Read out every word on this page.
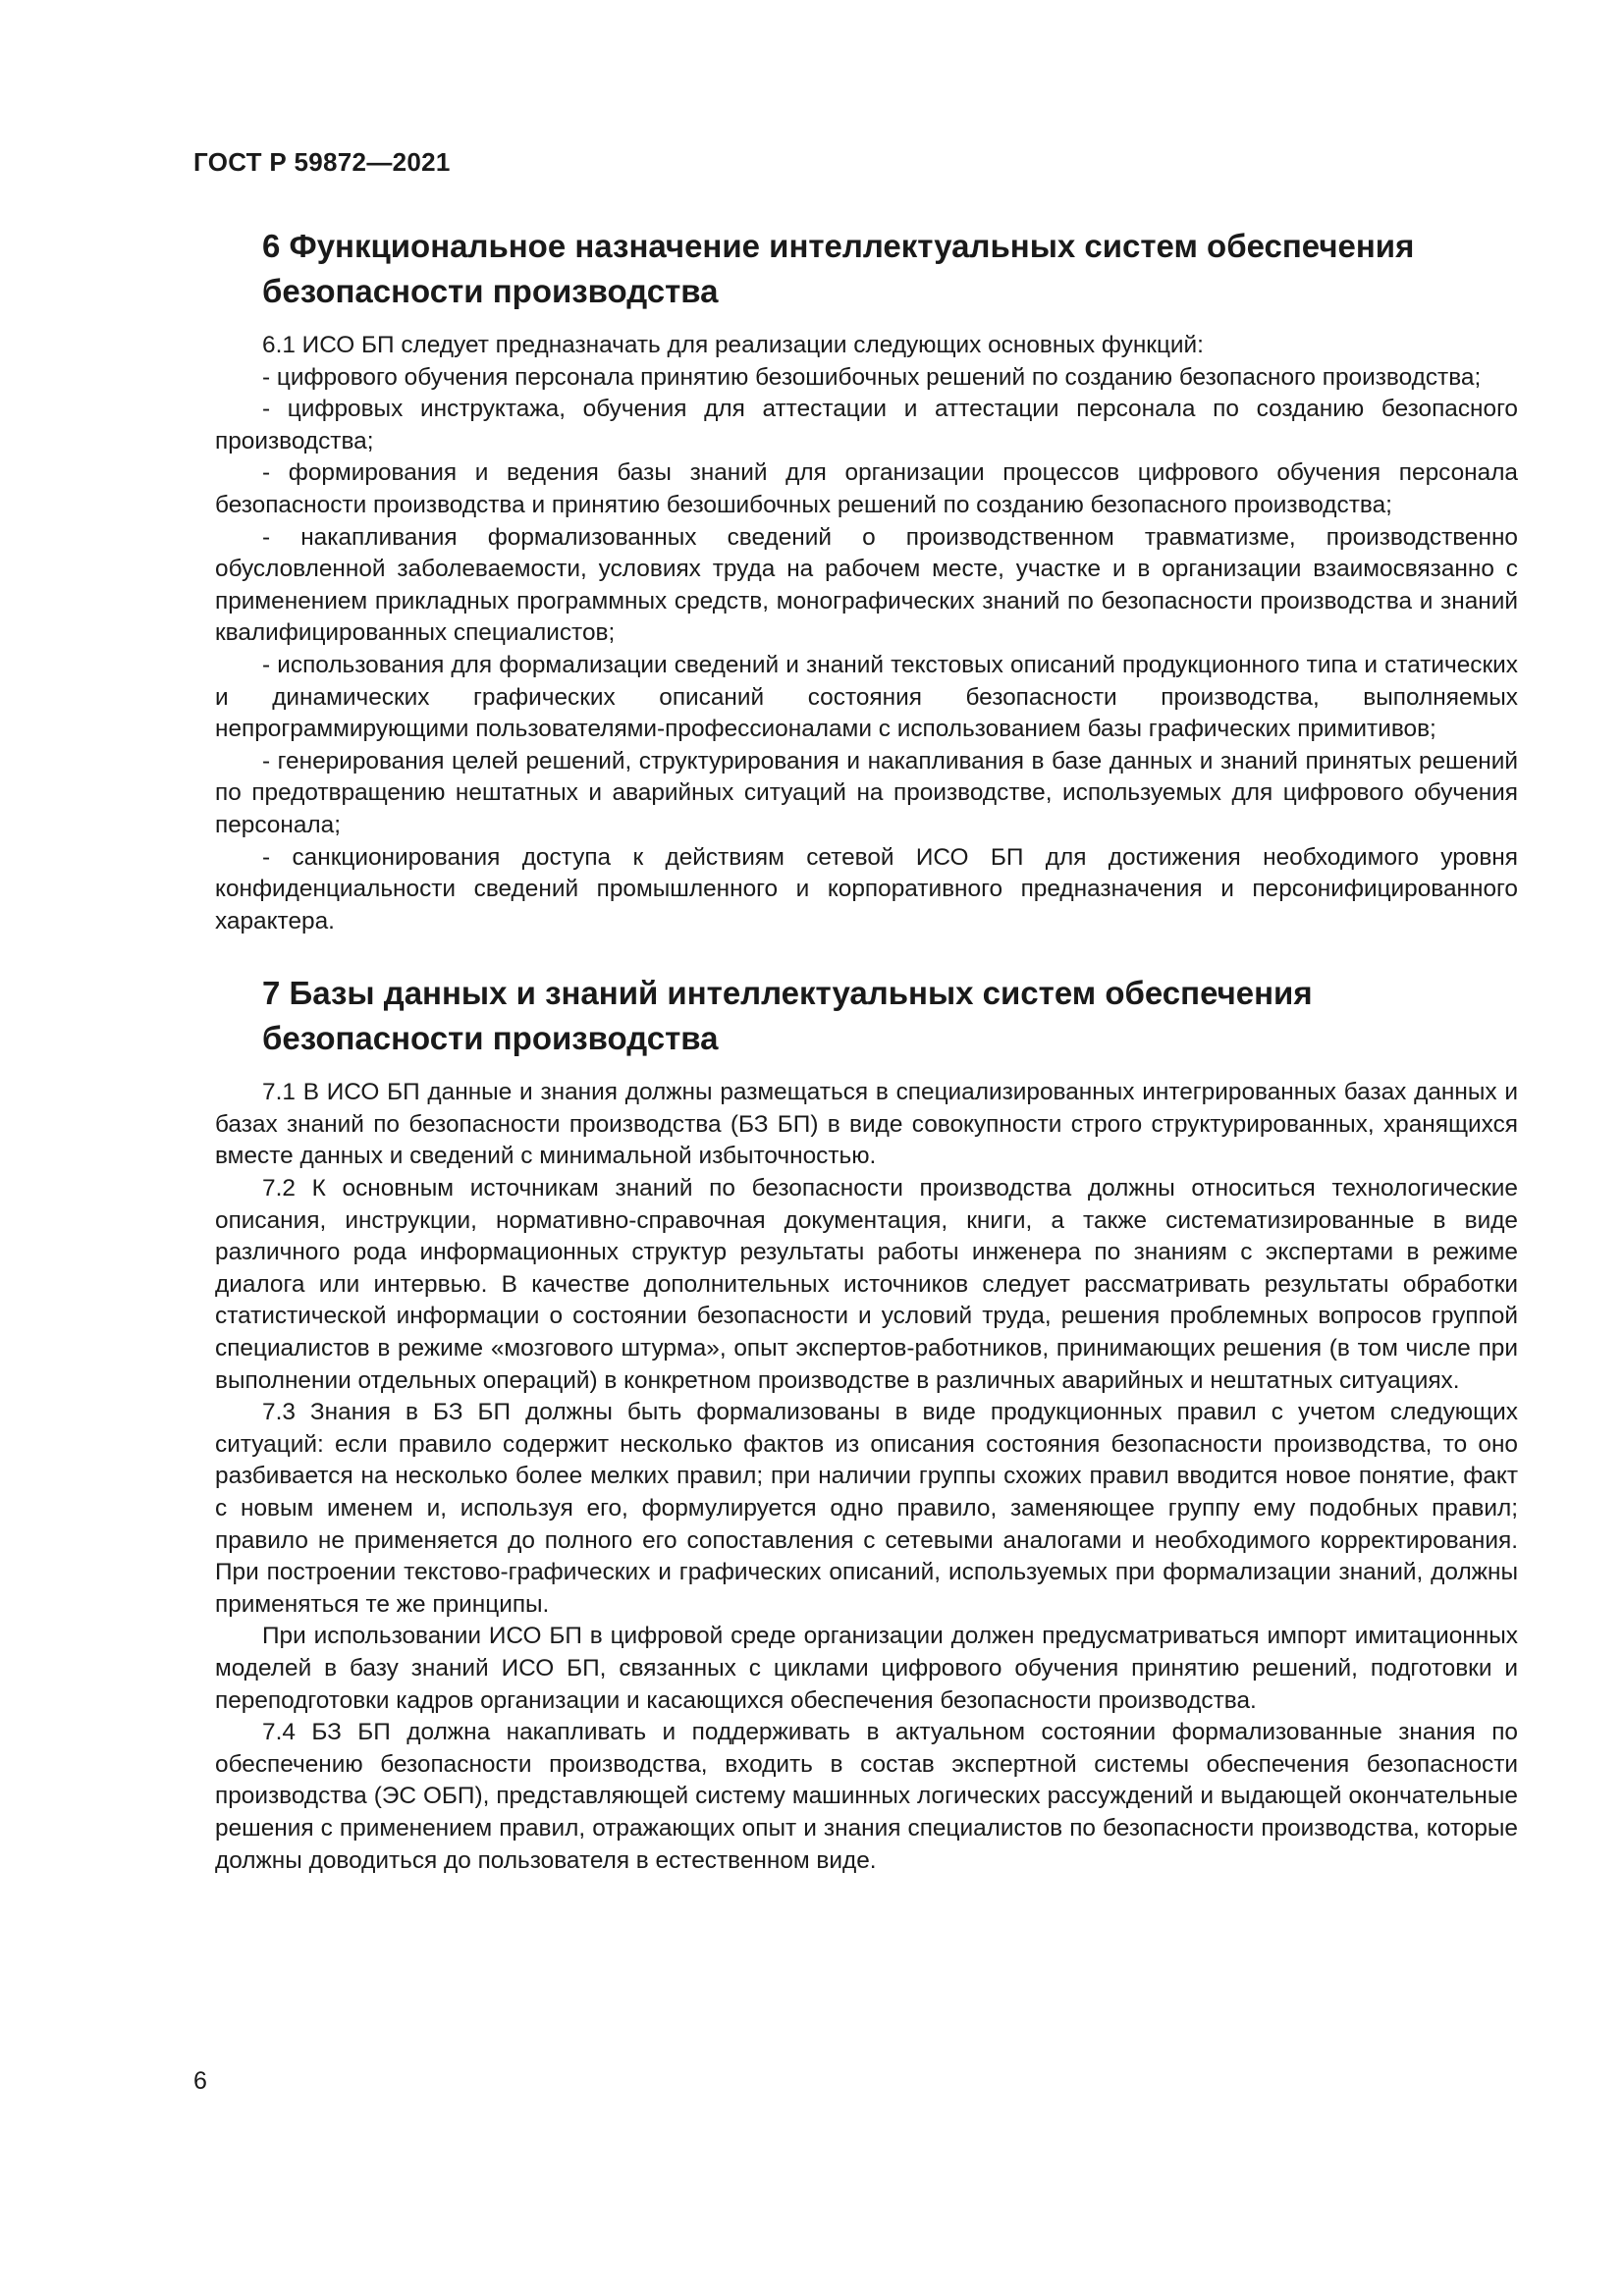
ГОСТ Р 59872—2021
6 Функциональное назначение интеллектуальных систем обеспечения безопасности производства

6.1 ИСО БП следует предназначать для реализации следующих основных функций:

- цифрового обучения персонала принятию безошибочных решений по созданию безопасного производства;

- цифровых инструктажа, обучения для аттестации и аттестации персонала по созданию безопасного производства;

- формирования и ведения базы знаний для организации процессов цифрового обучения персонала безопасности производства и принятию безошибочных решений по созданию безопасного производства;

- накапливания формализованных сведений о производственном травматизме, производственно обусловленной заболеваемости, условиях труда на рабочем месте, участке и в организации взаимосвязанно с применением прикладных программных средств, монографических знаний по безопасности производства и знаний квалифицированных специалистов;

- использования для формализации сведений и знаний текстовых описаний продукционного типа и статических и динамических графических описаний состояния безопасности производства, выполняемых непрограммирующими пользователями-профессионалами с использованием базы графических примитивов;

- генерирования целей решений, структурирования и накапливания в базе данных и знаний принятых решений по предотвращению нештатных и аварийных ситуаций на производстве, используемых для цифрового обучения персонала;

- санкционирования доступа к действиям сетевой ИСО БП для достижения необходимого уровня конфиденциальности сведений промышленного и корпоративного предназначения и персонифицированного характера.

7 Базы данных и знаний интеллектуальных систем обеспечения безопасности производства

7.1 В ИСО БП данные и знания должны размещаться в специализированных интегрированных базах данных и базах знаний по безопасности производства (БЗ БП) в виде совокупности строго структурированных, хранящихся вместе данных и сведений с минимальной избыточностью.

7.2 К основным источникам знаний по безопасности производства должны относиться технологические описания, инструкции, нормативно-справочная документация, книги, а также систематизированные в виде различного рода информационных структур результаты работы инженера по знаниям с экспертами в режиме диалога или интервью. В качестве дополнительных источников следует рассматривать результаты обработки статистической информации о состоянии безопасности и условий труда, решения проблемных вопросов группой специалистов в режиме «мозгового штурма», опыт экспертов-работников, принимающих решения (в том числе при выполнении отдельных операций) в конкретном производстве в различных аварийных и нештатных ситуациях.

7.3 Знания в БЗ БП должны быть формализованы в виде продукционных правил с учетом следующих ситуаций: если правило содержит несколько фактов из описания состояния безопасности производства, то оно разбивается на несколько более мелких правил; при наличии группы схожих правил вводится новое понятие, факт с новым именем и, используя его, формулируется одно правило, заменяющее группу ему подобных правил; правило не применяется до полного его сопоставления с сетевыми аналогами и необходимого корректирования. При построении текстово-графических и графических описаний, используемых при формализации знаний, должны применяться те же принципы.

При использовании ИСО БП в цифровой среде организации должен предусматриваться импорт имитационных моделей в базу знаний ИСО БП, связанных с циклами цифрового обучения принятию решений, подготовки и переподготовки кадров организации и касающихся обеспечения безопасности производства.

7.4 БЗ БП должна накапливать и поддерживать в актуальном состоянии формализованные знания по обеспечению безопасности производства, входить в состав экспертной системы обеспечения безопасности производства (ЭС ОБП), представляющей систему машинных логических рассуждений и выдающей окончательные решения с применением правил, отражающих опыт и знания специалистов по безопасности производства, которые должны доводиться до пользователя в естественном виде.

6
